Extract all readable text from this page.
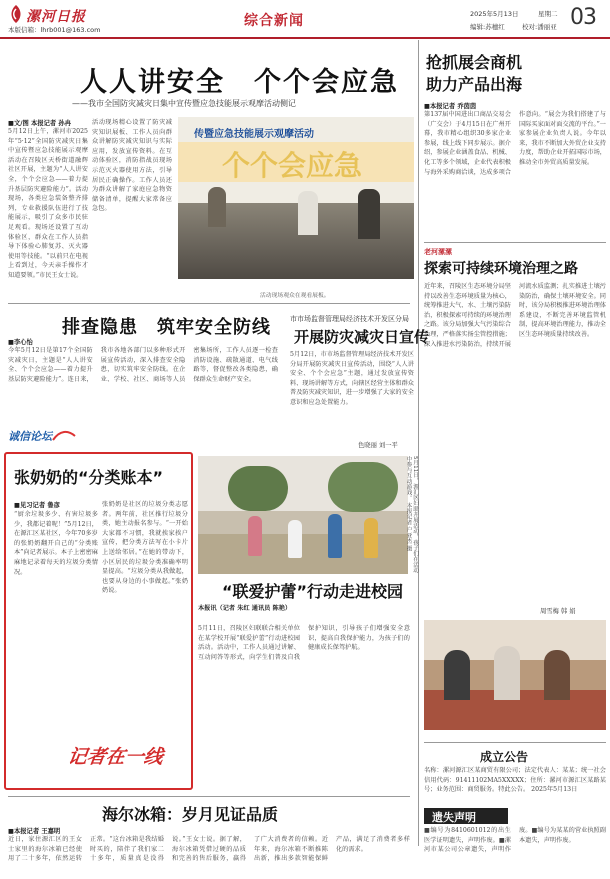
漯河日报
本版信箱：lhrb001@163.com
综合新闻	2025年5月13日	星期二
编辑:苏穗红	校对:潘丽亚 03
人人讲安全　个个会应急
——我市全国防灾减灾日集中宣传暨应急技能展示观摩活动侧记
■文/图 本报记者 孙冉
5月12日上午，漯河市2025年“5·12”全国防灾减灾日集中宣传暨应急技能展示观摩活动在召陵区天桥街道融辉社区开展，主题为“人人讲安全，个个会应急——着力提升基层防灾避险能力”。活动现场，各类应急装备整齐排列，专业救援队伍进行了技能展示，吸引了众多市民驻足观看。现场还设置了互动体验区，群众在工作人员指导下体验心肺复苏、灭火器使用等技能。“以前只在电视上看到过，今天亲手操作才知道要领。”市民王女士说。
活动现场精心设置了防灾减灾知识展板、工作人员向群众讲解防灾减灾知识与实际应用，发放宣传资料。在互动体验区，消防指战员现场示范灭火器使用方法，引导居民正确操作。工作人员还为群众讲解了家庭应急物资储备清单，提醒大家常备应急包。
传暨应急技能展示观摩活动
个个会应急
活动现场观众在观看展板。
排查隐患　筑牢安全防线
■李心怡
今年5月12日是第17个全国防灾减灾日，主题是“人人讲安全、个个会应急——着力提升基层防灾避险能力”。连日来，我市各地各部门以多种形式开展宣传活动，深入排查安全隐患，切实筑牢安全防线。在企业、学校、社区、商场等人员密集场所，工作人员逐一检查消防设施、疏散通道、电气线路等，督促整改各类隐患，确保群众生命财产安全。
诚信论坛
市市场监督管理局经济技术开发区分局
开展防灾减灾日宣传
5月12日，市市场监督管理局经济技术开发区分局开展防灾减灾日宣传活动，围绕“人人讲安全、个个会应急”主题，通过发放宣传资料、现场讲解等方式，向辖区经营主体和群众普及防灾减灾知识，进一步增强了大家的安全意识和应急处置能力。
色晓丽 刘一平
张奶奶的“分类账本”
■见习记者 鲁彦
“厨余垃圾多少、有害垃圾多少，我都记着呢！”5月12日，在源汇区某社区，今年70多岁的张奶奶翻开自己的“分类账本”向记者展示。本子上密密麻麻地记录着每天的垃圾分类情况。
张奶奶是社区的垃圾分类志愿者。两年前，社区推行垃圾分类，她主动报名参与。“一开始大家都不习惯，我就挨家挨户宣传，把分类方法写在小卡片上送给邻居。”在她的带动下，小区居民的垃圾分类准确率明显提高。“垃圾分类从我做起，也要从身边的小事做起。”张奶奶说。
记者在一线
5月11日，源汇区妇联开展活动，孩子们在活动中参与互动游戏。 本报记者 户亚杰 摄
“联爱护蕾”行动走进校园
本报讯（记者 朱红 通讯员 陈艳）
5月11日，召陵区妇联联合相关单位在某学校开展“联爱护蕾”行动进校园活动。活动中，工作人员通过讲解、互动问答等形式，向学生们普及自我保护知识，引导孩子们增强安全意识，提高自我保护能力，为孩子们的健康成长保驾护航。
海尔冰箱：岁月见证品质
■本报记者 王嘉明
近日，家住源汇区的王女士家里的海尔冰箱已经使用了二十多年，依然运转正常。“这台冰箱是我结婚时买的，陪伴了我们家二十多年，质量真是没得说。”王女士说。据了解，海尔冰箱凭借过硬的品质和完善的售后服务，赢得了广大消费者的信赖。近年来，海尔冰箱不断推陈出新，推出多款智能保鲜产品，满足了消费者多样化的需求。
抢抓展会商机
助力产品出海
■本报记者 乔茵茵
第137届中国进出口商品交易会（广交会）于4月15日在广州开幕，我市精心组织30多家企业参展，线上线下同步展示。据介绍，参展企业涵盖食品、机械、化工等多个领域，企业代表积极与海外采购商洽谈，达成多项合作意向。“展会为我们搭建了与国际买家面对面交流的平台。”一家参展企业负责人说。今年以来，我市不断加大外贸企业支持力度，帮助企业开拓国际市场，推动全市外贸高质量发展。
老河漯漯
探索可持续环境治理之路
近年来，召陵区生态环境分局坚持以改善生态环境质量为核心，统筹推进大气、水、土壤污染防治，积极探索可持续的环境治理之路。该分局加强大气污染综合治理，严格落实扬尘管控措施；深入推进水污染防治，持续开展河流水质监测；扎实推进土壤污染防治，确保土壤环境安全。同时，该分局积极推进环境治理体系建设，不断完善环境监管机制，提高环境治理能力，推动全区生态环境质量持续改善。
周雪梅 韩 娟
成立公告
名称：漯河源汇区某商贸有限公司；法定代表人：某某；统一社会信用代码：91411102MA5XXXXX；住所：漯河市源汇区某路某号；业务范围：商贸服务。特此公告。 2025年5月13日
遗失声明
■编号为8410601012的出生医学证明遗失，声明作废。■漯河市某公司公章遗失，声明作废。■编号为某某的营业执照副本遗失，声明作废。
